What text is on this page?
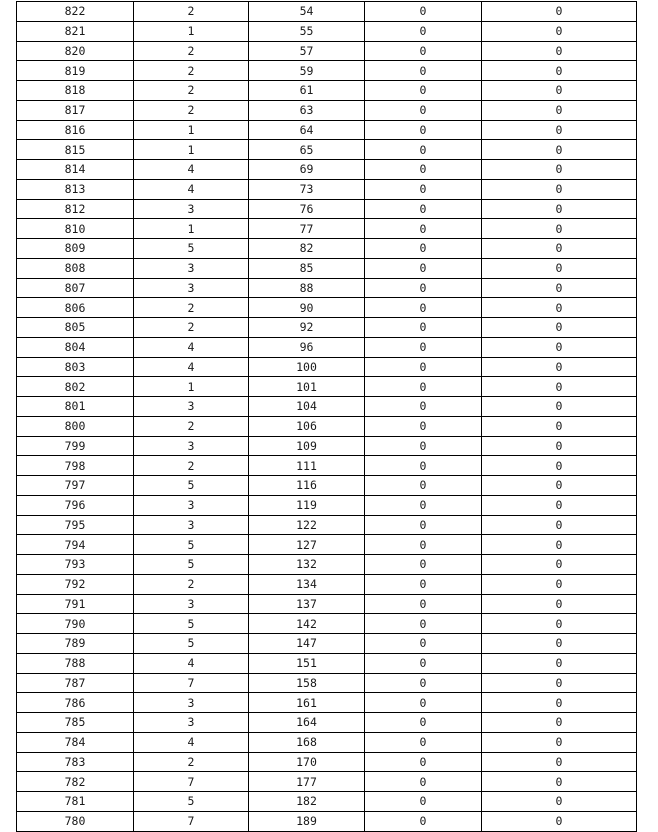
822	2	54	0	0
821	1	55	0	0
820	2	57	0	0
819	2	59	0	0
818	2	61	0	0
817	2	63	0	0
816	1	64	0	0
815	1	65	0	0
814	4	69	0	0
813	4	73	0	0
812	3	76	0	0
810	1	77	0	0
809	5	82	0	0
808	3	85	0	0
807	3	88	0	0
806	2	90	0	0
805	2	92	0	0
804	4	96	0	0
803	4	100	0	0
802	1	101	0	0
801	3	104	0	0
800	2	106	0	0
799	3	109	0	0
798	2	111	0	0
797	5	116	0	0
796	3	119	0	0
795	3	122	0	0
794	5	127	0	0
793	5	132	0	0
792	2	134	0	0
791	3	137	0	0
790	5	142	0	0
789	5	147	0	0
788	4	151	0	0
787	7	158	0	0
786	3	161	0	0
785	3	164	0	0
784	4	168	0	0
783	2	170	0	0
782	7	177	0	0
781	5	182	0	0
780	7	189	0	0
